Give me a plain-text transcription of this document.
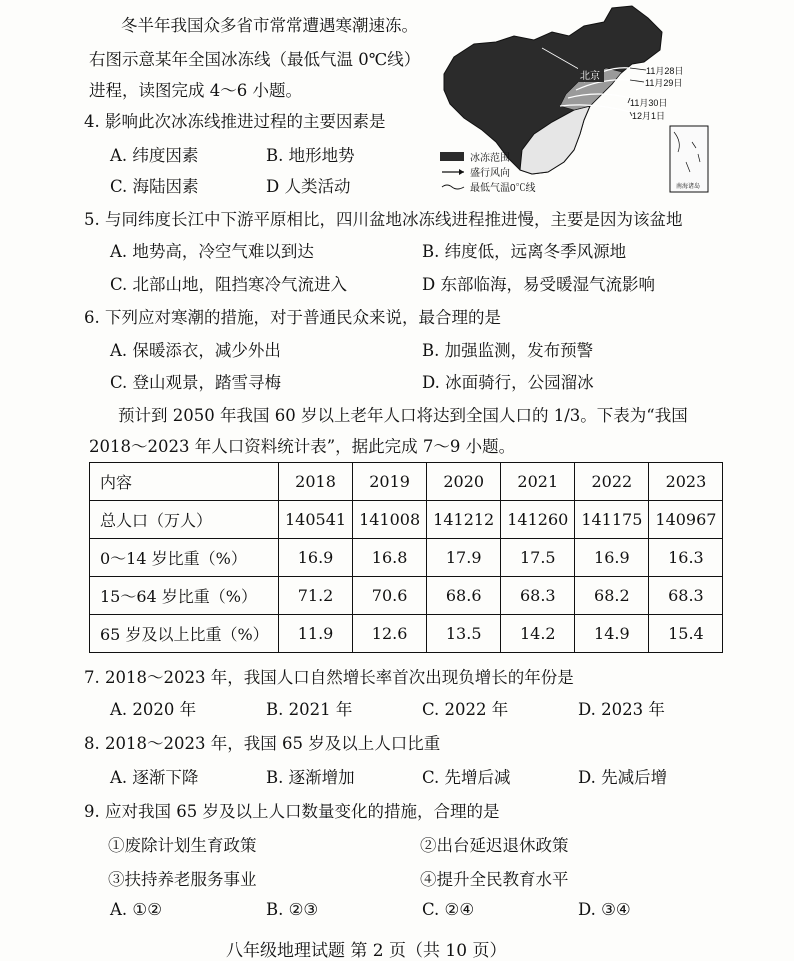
冬半年我国众多省市常常遭遇寒潮速冻。
右图示意某年全国冰冻线（最低气温 0℃线）
进程，读图完成 4～6 小题。
北京	11月28日
11月29日
11月30日
12月1日
冰冻范围
盛行风向
最低气温0℃线	南海诸岛
4. 影响此次冰冻线推进过程的主要因素是
A. 纬度因素	B. 地形地势
C. 海陆因素	D 人类活动
5. 与同纬度长江中下游平原相比，四川盆地冰冻线进程推进慢，主要是因为该盆地
A. 地势高，冷空气难以到达	B. 纬度低，远离冬季风源地
C. 北部山地，阻挡寒冷气流进入	D 东部临海，易受暖湿气流影响
6. 下列应对寒潮的措施，对于普通民众来说，最合理的是
A. 保暖添衣，减少外出	B. 加强监测，发布预警
C. 登山观景，踏雪寻梅	D. 冰面骑行，公园溜冰
预计到 2050 年我国 60 岁以上老年人口将达到全国人口的 1/3。下表为“我国
2018～2023 年人口资料统计表”，据此完成 7～9 小题。
内容	2018	2019	2020	2021	2022	2023
总人口（万人）	140541	141008	141212	141260	141175	140967
0～14 岁比重（%）	16.9	16.8	17.9	17.5	16.9	16.3
15～64 岁比重（%）	71.2	70.6	68.6	68.3	68.2	68.3
65 岁及以上比重（%）	11.9	12.6	13.5	14.2	14.9	15.4
7. 2018～2023 年，我国人口自然增长率首次出现负增长的年份是
A. 2020 年	B. 2021 年	C. 2022 年	D. 2023 年
8. 2018～2023 年，我国 65 岁及以上人口比重
A. 逐渐下降	B. 逐渐增加	C. 先增后减	D. 先减后增
9. 应对我国 65 岁及以上人口数量变化的措施，合理的是
①废除计划生育政策	②出台延迟退休政策
③扶持养老服务事业	④提升全民教育水平
A. ①②	B. ②③	C. ②④	D. ③④
八年级地理试题 第 2 页（共 10 页）
